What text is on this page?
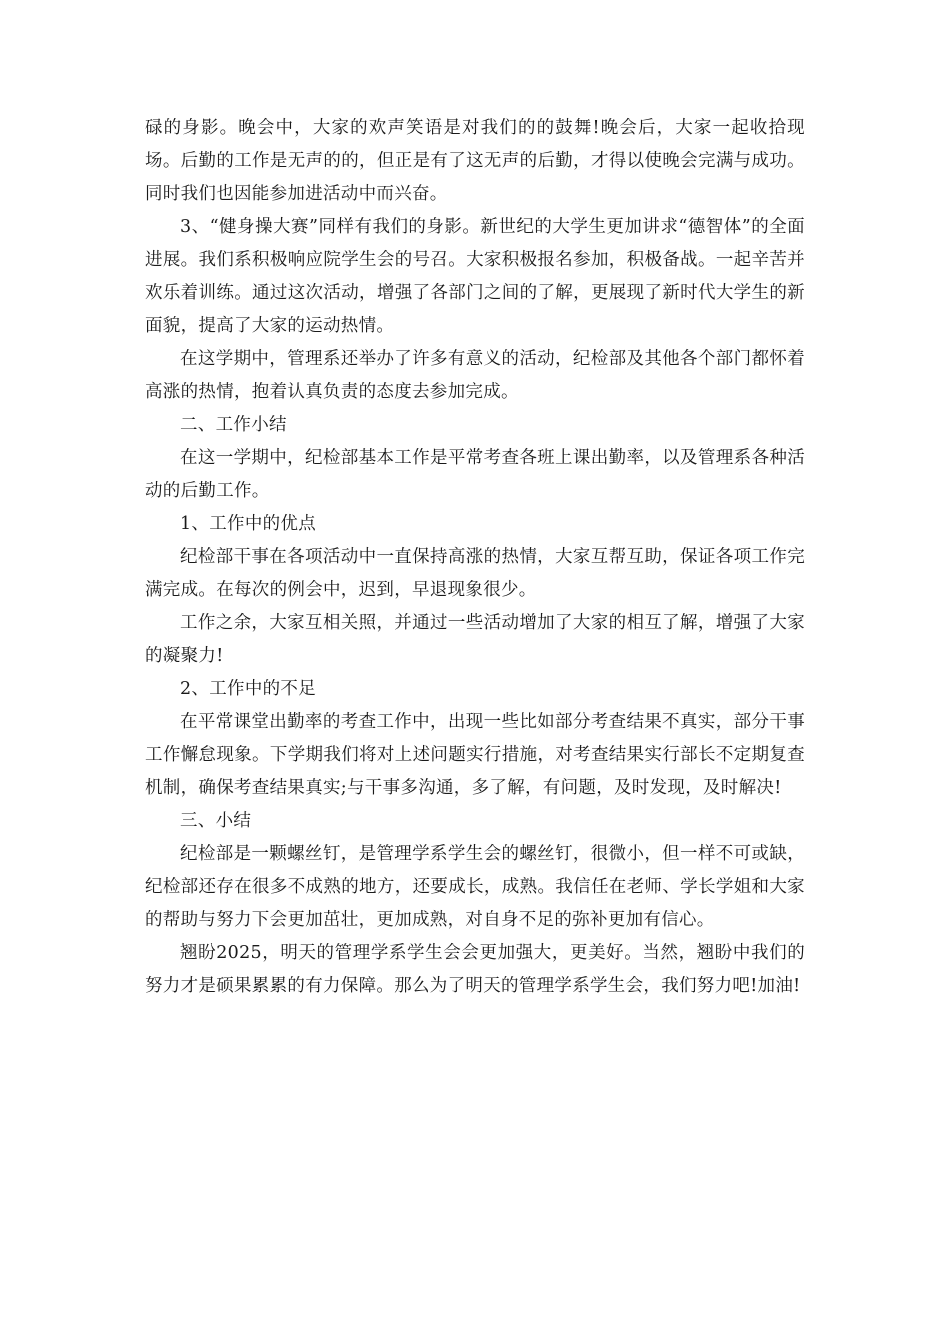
碌的身影。晚会中，大家的欢声笑语是对我们的的鼓舞!晚会后，大家一起收拾现场。后勤的工作是无声的的，但正是有了这无声的后勤，才得以使晚会完满与成功。同时我们也因能参加进活动中而兴奋。

3、“健身操大赛”同样有我们的身影。新世纪的大学生更加讲求“德智体”的全面进展。我们系积极响应院学生会的号召。大家积极报名参加，积极备战。一起辛苦并欢乐着训练。通过这次活动，增强了各部门之间的了解，更展现了新时代大学生的新面貌，提高了大家的运动热情。

在这学期中，管理系还举办了许多有意义的活动，纪检部及其他各个部门都怀着高涨的热情，抱着认真负责的态度去参加完成。

二、工作小结

在这一学期中，纪检部基本工作是平常考查各班上课出勤率，以及管理系各种活动的后勤工作。

1、工作中的优点

纪检部干事在各项活动中一直保持高涨的热情，大家互帮互助，保证各项工作完满完成。在每次的例会中，迟到，早退现象很少。

工作之余，大家互相关照，并通过一些活动增加了大家的相互了解，增强了大家的凝聚力!

2、工作中的不足

在平常课堂出勤率的考查工作中，出现一些比如部分考查结果不真实，部分干事工作懈怠现象。下学期我们将对上述问题实行措施，对考查结果实行部长不定期复查机制，确保考查结果真实;与干事多沟通，多了解，有问题，及时发现，及时解决!

三、小结

纪检部是一颗螺丝钉，是管理学系学生会的螺丝钉，很微小，但一样不可或缺，纪检部还存在很多不成熟的地方，还要成长，成熟。我信任在老师、学长学姐和大家的帮助与努力下会更加茁壮，更加成熟，对自身不足的弥补更加有信心。

翘盼2025，明天的管理学系学生会会更加强大，更美好。当然，翘盼中我们的努力才是硕果累累的有力保障。那么为了明天的管理学系学生会，我们努力吧!加油!
